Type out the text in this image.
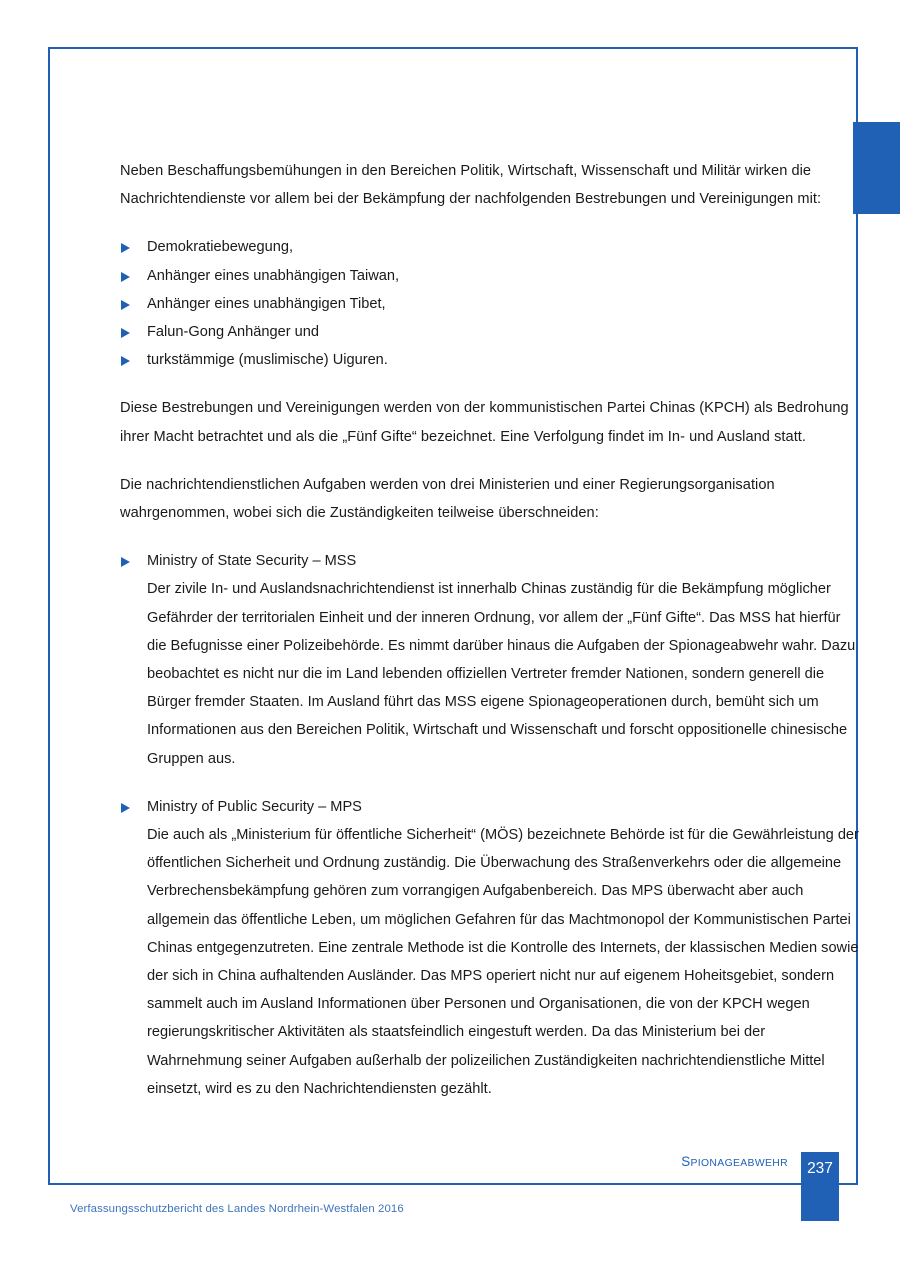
Neben Beschaffungsbemühungen in den Bereichen Politik, Wirtschaft, Wissenschaft und Militär wirken die Nachrichtendienste vor allem bei der Bekämpfung der nachfolgenden Bestrebungen und Vereinigungen mit:

Demokratiebewegung,
Anhänger eines unabhängigen Taiwan,
Anhänger eines unabhängigen Tibet,
Falun-Gong Anhänger und
turkstämmige (muslimische) Uiguren.

Diese Bestrebungen und Vereinigungen werden von der kommunistischen Partei Chinas (KPCH) als Bedrohung ihrer Macht betrachtet und als die „Fünf Gifte“ bezeichnet. Eine Verfolgung findet im In- und Ausland statt.

Die nachrichtendienstlichen Aufgaben werden von drei Ministerien und einer Regierungsorganisation wahrgenommen, wobei sich die Zuständigkeiten teilweise überschneiden:

Ministry of State Security – MSS

Der zivile In- und Auslandsnachrichtendienst ist innerhalb Chinas zuständig für die Bekämpfung möglicher Gefährder der territorialen Einheit und der inneren Ordnung, vor allem der „Fünf Gifte“. Das MSS hat hierfür die Befugnisse einer Polizeibehörde. Es nimmt darüber hinaus die Aufgaben der Spionageabwehr wahr. Dazu beobachtet es nicht nur die im Land lebenden offiziellen Vertreter fremder Nationen, sondern generell die Bürger fremder Staaten. Im Ausland führt das MSS eigene Spionageoperationen durch, bemüht sich um Informationen aus den Bereichen Politik, Wirtschaft und Wissenschaft und forscht oppositionelle chinesische Gruppen aus.

Ministry of Public Security – MPS

Die auch als „Ministerium für öffentliche Sicherheit“ (MÖS) bezeichnete Behörde ist für die Gewährleistung der öffentlichen Sicherheit und Ordnung zuständig. Die Überwachung des Straßenverkehrs oder die allgemeine Verbrechensbekämpfung gehören zum vorrangigen Aufgabenbereich. Das MPS überwacht aber auch allgemein das öffentliche Leben, um möglichen Gefahren für das Machtmonopol der Kommunistischen Partei Chinas entgegenzutreten. Eine zentrale Methode ist die Kontrolle des Internets, der klassischen Medien sowie der sich in China aufhaltenden Ausländer. Das MPS operiert nicht nur auf eigenem Hoheitsgebiet, sondern sammelt auch im Ausland Informationen über Personen und Organisationen, die von der KPCH wegen regierungskritischer Aktivitäten als staatsfeindlich eingestuft werden. Da das Ministerium bei der Wahrnehmung seiner Aufgaben außerhalb der polizeilichen Zuständigkeiten nachrichtendienstliche Mittel einsetzt, wird es zu den Nachrichtendiensten gezählt.

SPIONAGEABWEHR	237
Verfassungsschutzbericht des Landes Nordrhein-Westfalen 2016
